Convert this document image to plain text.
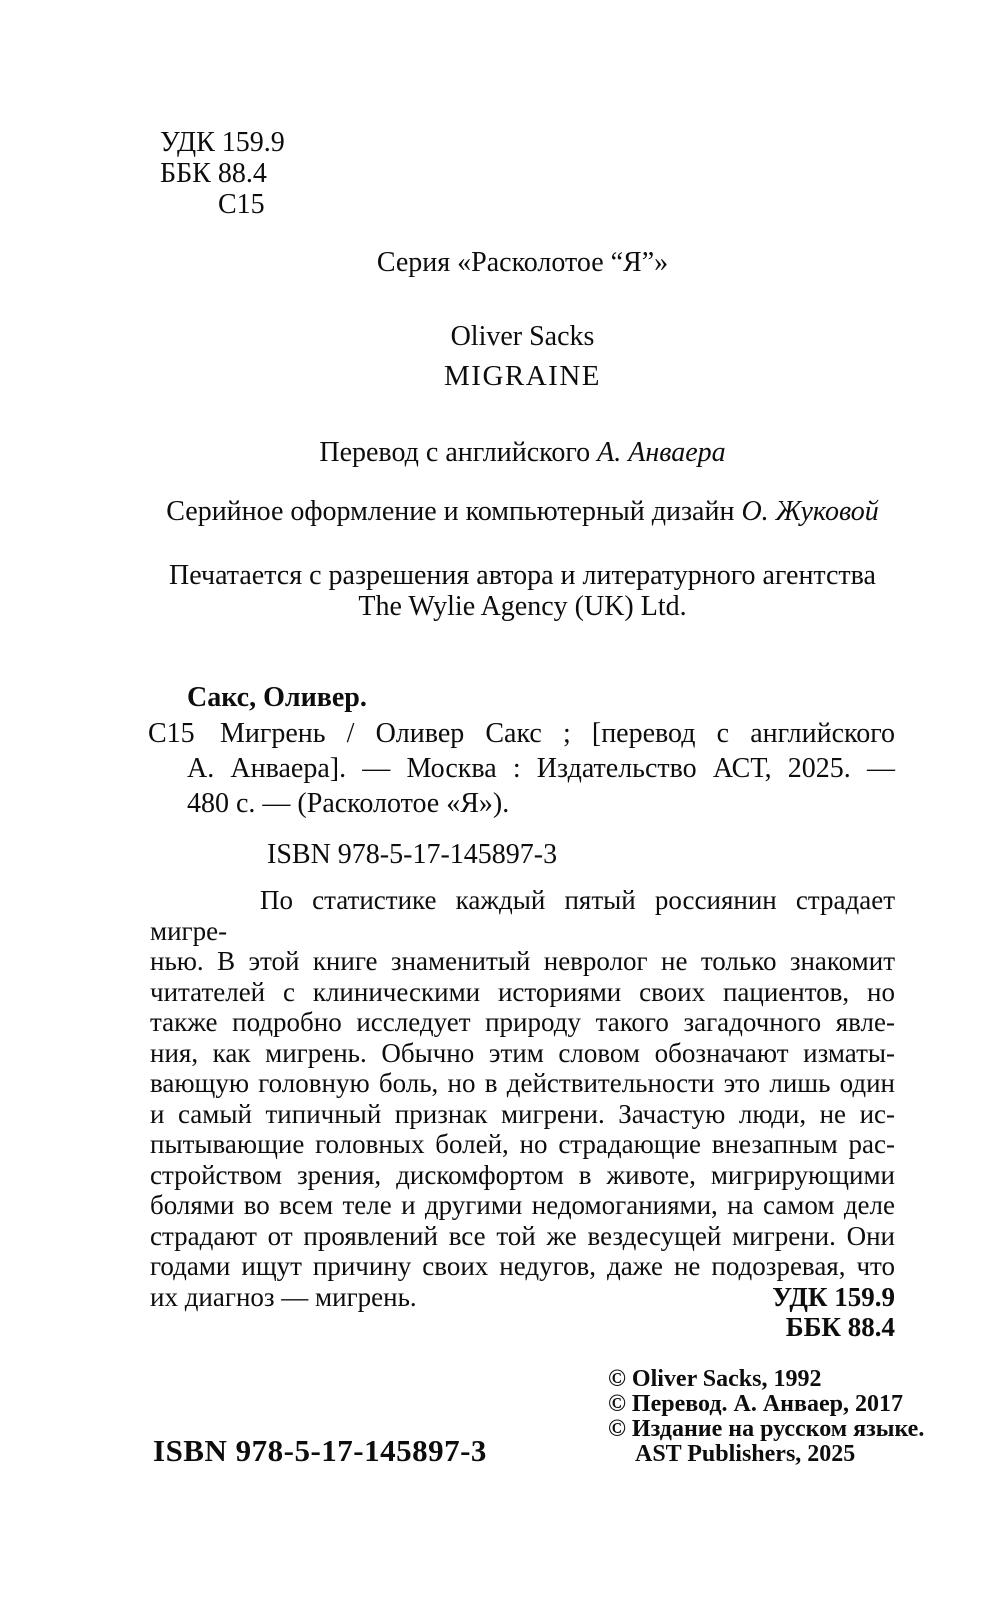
УДК 159.9
ББК 88.4
С15
Серия «Расколотое “Я”»
Oliver Sacks
MIGRAINE
Перевод с английского А. Анваера
Серийное оформление и компьютерный дизайн О. Жуковой
Печатается с разрешения автора и литературного агентства
The Wylie Agency (UK) Ltd.
Сакс, Оливер.
С15 Мигрень / Оливер Сакс ; [перевод с английского
А. Анваера]. — Москва : Издательство АСТ, 2025. —
480 с. — (Расколотое «Я»).
ISBN 978-5-17-145897-3
По статистике каждый пятый россиянин страдает мигре-
нью. В этой книге знаменитый невролог не только знакомит
читателей с клиническими историями своих пациентов, но
также подробно исследует природу такого загадочного явле-
ния, как мигрень. Обычно этим словом обозначают изматы-
вающую головную боль, но в действительности это лишь один
и самый типичный признак мигрени. Зачастую люди, не ис-
пытывающие головных болей, но страдающие внезапным рас-
стройством зрения, дискомфортом в животе, мигрирующими
болями во всем теле и другими недомоганиями, на самом деле
страдают от проявлений все той же вездесущей мигрени. Они
годами ищут причину своих недугов, даже не подозревая, что
их диагноз — мигрень.	УДК 159.9
ББК 88.4
© Oliver Sacks, 1992
© Перевод. А. Анваер, 2017
© Издание на русском языке.
AST Publishers, 2025
ISBN 978-5-17-145897-3
